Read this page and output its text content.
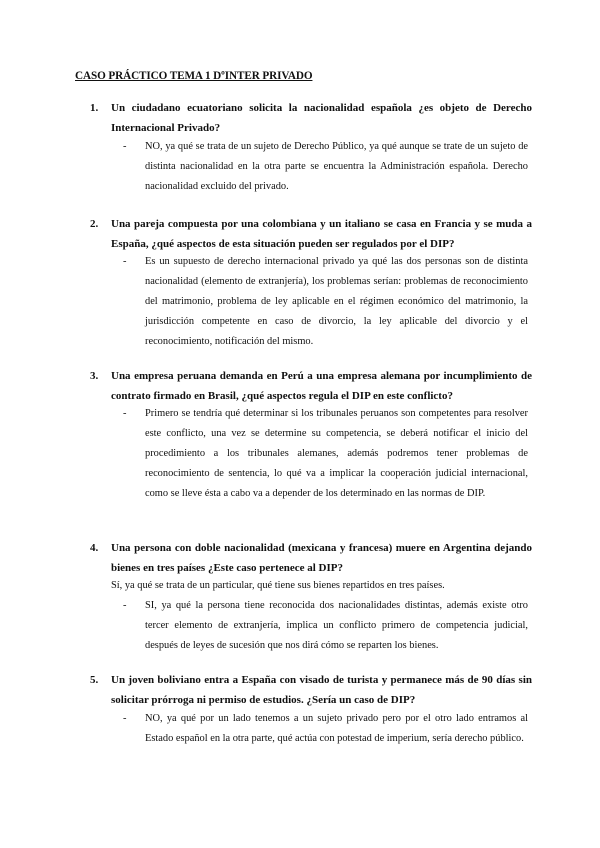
CASO PRÁCTICO TEMA 1 DºINTER PRIVADO
1.	Un ciudadano ecuatoriano solicita la nacionalidad española ¿es objeto de Derecho Internacional Privado?
-	NO, ya qué se trata de un sujeto de Derecho Público, ya qué aunque se trate de un sujeto de distinta nacionalidad en la otra parte se encuentra la Administración española. Derecho nacionalidad excluido del privado.
2.	Una pareja compuesta por una colombiana y un italiano se casa en Francia y se muda a España, ¿qué aspectos de esta situación pueden ser regulados por el DIP?
-	Es un supuesto de derecho internacional privado ya qué las dos personas son de distinta nacionalidad (elemento de extranjería), los problemas serían: problemas de reconocimiento del matrimonio, problema de ley aplicable en el régimen económico del matrimonio, la jurisdicción competente en caso de divorcio, la ley aplicable del divorcio y el reconocimiento, notificación del mismo.
3.	Una empresa peruana demanda en Perú a una empresa alemana por incumplimiento de contrato firmado en Brasil, ¿qué aspectos regula el DIP en este conflicto?
-	Primero se tendría qué determinar si los tribunales peruanos son competentes para resolver este conflicto, una vez se determine su competencia, se deberá notificar el inicio del procedimiento a los tribunales alemanes, además podremos tener problemas de reconocimiento de sentencia, lo qué va a implicar la cooperación judicial internacional, como se lleve ésta a cabo va a depender de los determinado en las normas de DIP.
4.	Una persona con doble nacionalidad (mexicana y francesa) muere en Argentina dejando bienes en tres países ¿Este caso pertenece al DIP?
Sí, ya qué se trata de un particular, qué tiene sus bienes repartidos en tres países.
-	SI, ya qué la persona tiene reconocida dos nacionalidades distintas, además existe otro tercer elemento de extranjería, implica un conflicto primero de competencia judicial, después de leyes de sucesión que nos dirá cómo se reparten los bienes.
5.	Un joven boliviano entra a España con visado de turista y permanece más de 90 días sin solicitar prórroga ni permiso de estudios. ¿Sería un caso de DIP?
-	NO, ya qué por un lado tenemos a un sujeto privado pero por el otro lado entramos al Estado español en la otra parte, qué actúa con potestad de imperium, sería derecho público.
